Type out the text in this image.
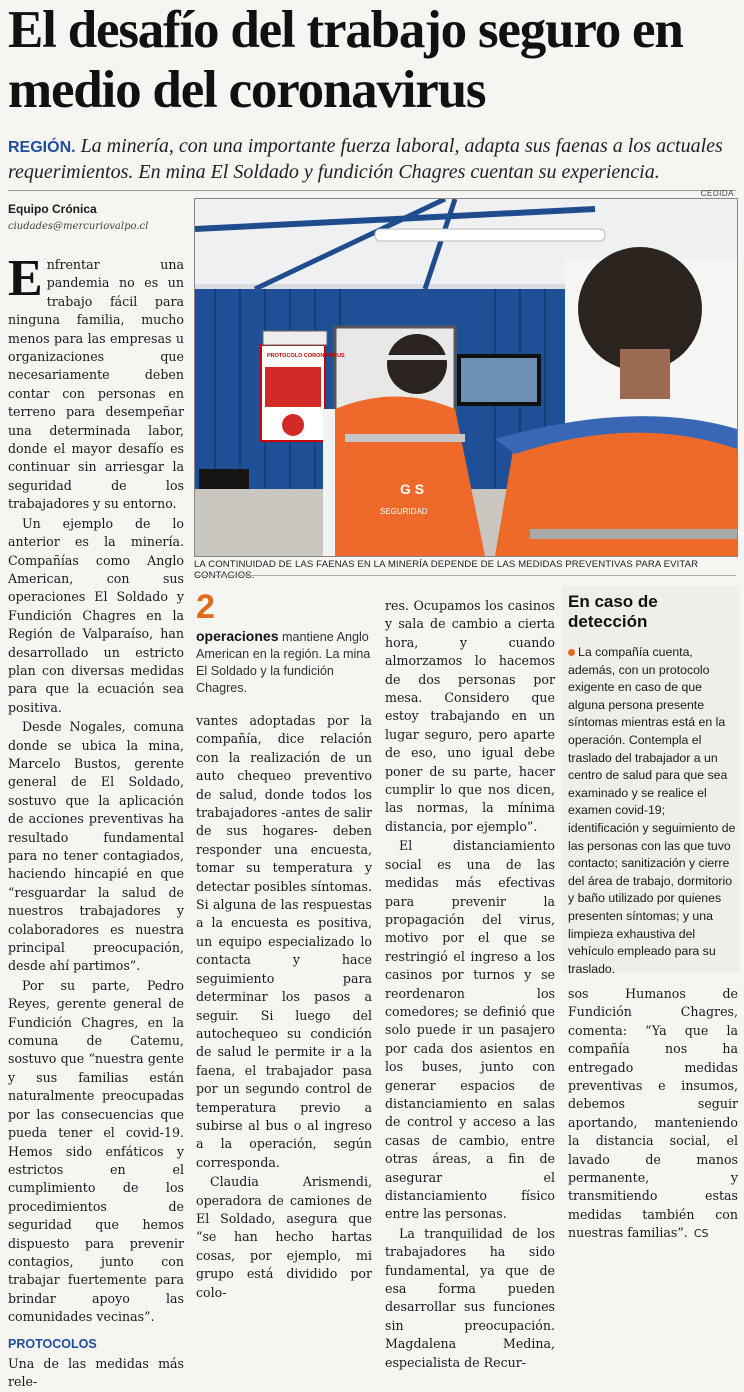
El desafío del trabajo seguro en medio del coronavirus
REGIÓN. La minería, con una importante fuerza laboral, adapta sus faenas a los actuales requerimientos. En mina El Soldado y fundición Chagres cuentan su experiencia.
Equipo Crónica
ciudades@mercuriovalpo.cl
CEDIDA

Enfrentar una pandemia no es un trabajo fácil para ninguna familia, mucho menos para las empresas u organizaciones que necesariamente deben contar con personas en terreno para desempeñar una determinada labor, donde el mayor desafío es continuar sin arriesgar la seguridad de los trabajadores y su entorno.

Un ejemplo de lo anterior es la minería. Compañías como Anglo American, con sus operaciones El Soldado y Fundición Chagres en la Región de Valparaíso, han desarrollado un estricto plan con diversas medidas para que la ecuación sea positiva.

Desde Nogales, comuna donde se ubica la mina, Marcelo Bustos, gerente general de El Soldado, sostuvo que la aplicación de acciones preventivas ha resultado fundamental para no tener contagiados, haciendo hincapié en que “resguardar la salud de nuestros trabajadores y colaboradores es nuestra principal preocupación, desde ahí partimos”.

Por su parte, Pedro Reyes, gerente general de Fundición Chagres, en la comuna de Catemu, sostuvo que “nuestra gente y sus familias están naturalmente preocupadas por las consecuencias que pueda tener el covid-19. Hemos sido enfáticos y estrictos en el cumplimiento de los procedimientos de seguridad que hemos dispuesto para prevenir contagios, junto con trabajar fuertemente para brindar apoyo las comunidades vecinas”.

PROTOCOLOS

Una de las medidas más rele-

G S
SEGURIDAD
PROTOCOLO CORONAVIRUS
LA CONTINUIDAD DE LAS FAENAS EN LA MINERÍA DEPENDE DE LAS MEDIDAS PREVENTIVAS PARA EVITAR
2
operaciones mantiene Anglo American en la región. La mina El Soldado y la fundición Chagres.

vantes adoptadas por la compañía, dice relación con la realización de un auto chequeo preventivo de salud, donde todos los trabajadores -antes de salir de sus hogares- deben responder una encuesta, tomar su temperatura y detectar posibles síntomas. Si alguna de las respuestas a la encuesta es positiva, un equipo especializado lo contacta y hace seguimiento para determinar los pasos a seguir. Si luego del autochequeo su condición de salud le permite ir a la faena, el trabajador pasa por un segundo control de temperatura previo a subirse al bus o al ingreso a la operación, según corresponda.

Claudia Arismendi, operadora de camiones de El Soldado, asegura que “se han hecho hartas cosas, por ejemplo, mi grupo está dividido por colo-

res. Ocupamos los casinos y sala de cambio a cierta hora, y cuando almorzamos lo hacemos de dos personas por mesa. Considero que estoy trabajando en un lugar seguro, pero aparte de eso, uno igual debe poner de su parte, hacer cumplir lo que nos dicen, las normas, la mínima distancia, por ejemplo”.

El distanciamiento social es una de las medidas más efectivas para prevenir la propagación del virus, motivo por el que se restringió el ingreso a los casinos por turnos y se reordenaron los comedores; se definió que solo puede ir un pasajero por cada dos asientos en los buses, junto con generar espacios de distanciamiento en salas de control y acceso a las casas de cambio, entre otras áreas, a fin de asegurar el distanciamiento físico entre las personas.

La tranquilidad de los trabajadores ha sido fundamental, ya que de esa forma pueden desarrollar sus funciones sin preocupación. Magdalena Medina, especialista de Recur-

En caso de detección

La compañía cuenta, además, con un protocolo exigente en caso de que alguna persona presente síntomas mientras está en la operación. Contempla el traslado del trabajador a un centro de salud para que sea examinado y se realice el examen covid-19; identificación y seguimiento de las personas con las que tuvo contacto; sanitización y cierre del área de trabajo, dormitorio y baño utilizado por quienes presenten síntomas; y una limpieza exhaustiva del vehículo empleado para su traslado.

sos Humanos de Fundición Chagres, comenta: “Ya que la compañía nos ha entregado medidas preventivas e insumos, debemos seguir aportando, manteniendo la distancia social, el lavado de manos permanente, y transmitiendo estas medidas también con nuestras familias”. CS
